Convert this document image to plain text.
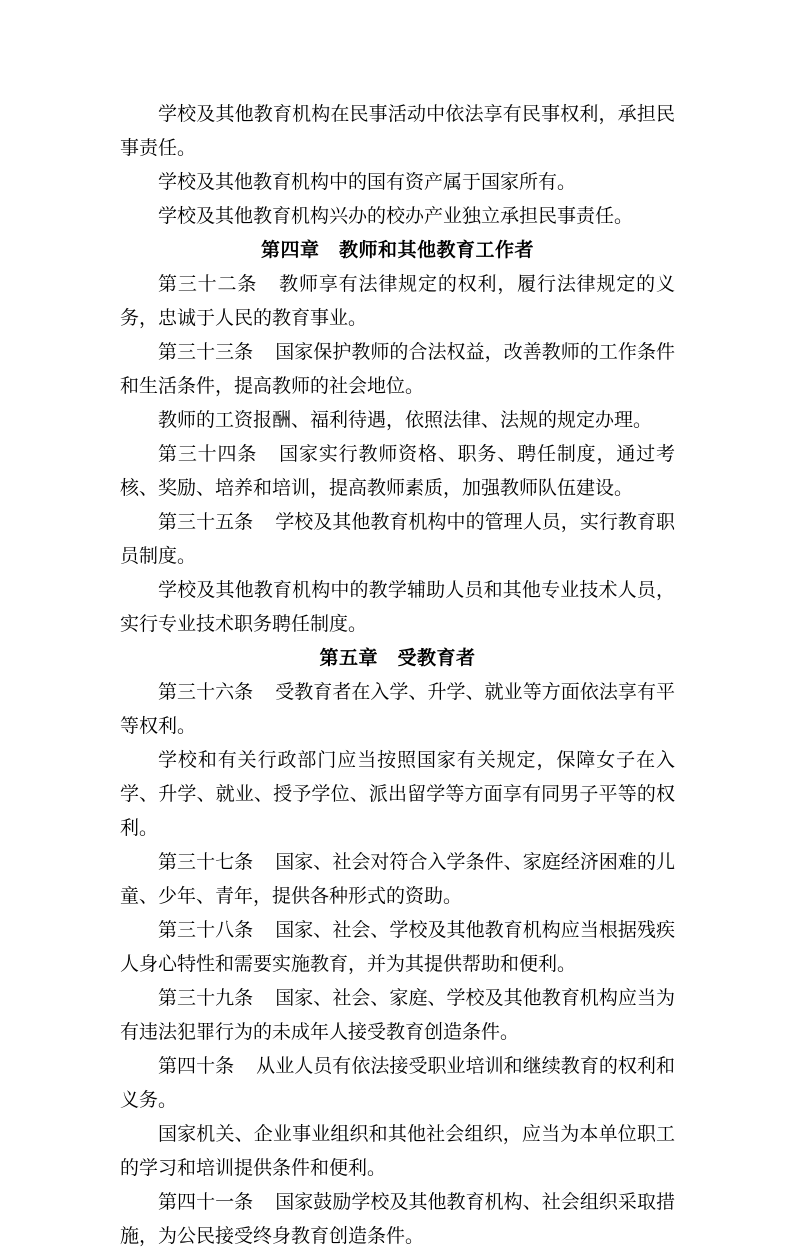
学校及其他教育机构在民事活动中依法享有民事权利，承担民事责任。

学校及其他教育机构中的国有资产属于国家所有。

学校及其他教育机构兴办的校办产业独立承担民事责任。

第四章　教师和其他教育工作者

第三十二条 教师享有法律规定的权利，履行法律规定的义务，忠诚于人民的教育事业。

第三十三条 国家保护教师的合法权益，改善教师的工作条件和生活条件，提高教师的社会地位。

教师的工资报酬、福利待遇，依照法律、法规的规定办理。

第三十四条 国家实行教师资格、职务、聘任制度，通过考核、奖励、培养和培训，提高教师素质，加强教师队伍建设。

第三十五条 学校及其他教育机构中的管理人员，实行教育职员制度。

学校及其他教育机构中的教学辅助人员和其他专业技术人员，实行专业技术职务聘任制度。

第五章　受教育者

第三十六条 受教育者在入学、升学、就业等方面依法享有平等权利。

学校和有关行政部门应当按照国家有关规定，保障女子在入学、升学、就业、授予学位、派出留学等方面享有同男子平等的权利。

第三十七条 国家、社会对符合入学条件、家庭经济困难的儿童、少年、青年，提供各种形式的资助。

第三十八条 国家、社会、学校及其他教育机构应当根据残疾人身心特性和需要实施教育，并为其提供帮助和便利。

第三十九条 国家、社会、家庭、学校及其他教育机构应当为有违法犯罪行为的未成年人接受教育创造条件。

第四十条 从业人员有依法接受职业培训和继续教育的权利和义务。

国家机关、企业事业组织和其他社会组织，应当为本单位职工的学习和培训提供条件和便利。

第四十一条 国家鼓励学校及其他教育机构、社会组织采取措施，为公民接受终身教育创造条件。
